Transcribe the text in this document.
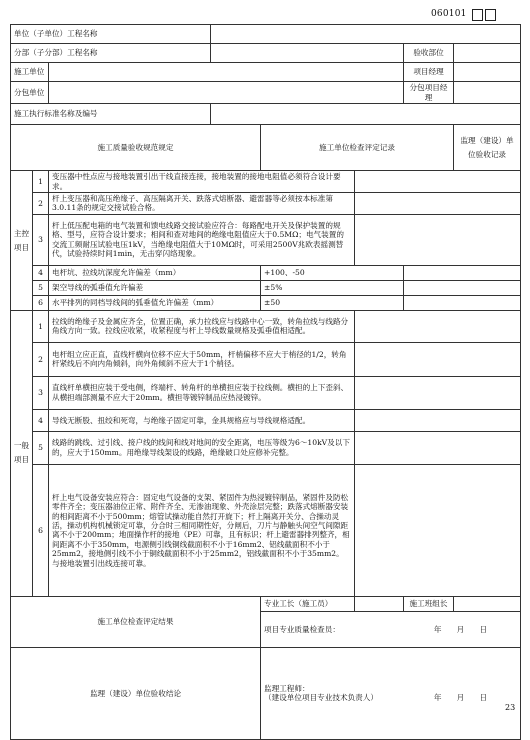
060101
单位（子单位）工程名称								
分部（子分部）工程名称						验收部位		
施工单位						项目经理		
分包单位						分包项目经理		
施工执行标准名称及编号								
施工质量验收规范规定				施工单位检查评定记录			监理（建设）单位验收记录	
主控项目	1	变压器中性点应与接地装置引出干线直接连接，接地装置的接地电阻值必须符合设计要求。						
	2	杆上变压器和高压绝缘子、高压隔离开关、跌落式熔断器、避雷器等必须按本标准第3.0.11条的规定交接试验合格。						
	3	杆上低压配电箱的电气装置和馈电线路交接试验应符合：每路配电开关及保护装置的规格、型号，应符合设计要求；相间和查对地间的绝缘电阻值应大于0.5MΩ；电气装置的交流工频耐压试验电压1kV，当绝缘电阻值大于10MΩ时，可采用2500V兆欧表摇测替代，试验持续时间1min，无击穿闪络现象。						
	4	电杆坑、拉线坑深度允许偏差（mm）		+100、-50				
	5	架空导线的弧垂值允许偏差		±5%				
	6	水平排列的同档导线间的弧垂值允许偏差（mm）		±50				
一般项目	1	拉线的绝缘子及金属应齐全，位置正确，承力拉线应与线路中心一致，转角拉线与线路分角线方向一致。拉线应收紧，收紧程度与杆上导线数量规格及弧垂值相适配。						
	2	电杆组立应正直，直线杆横向位移不应大于50mm，杆梢偏移不应大于梢径的1/2，转角杆紧线后不向内角倾斜，向外角倾斜不应大于1个梢径。						
	3	直线杆单横担应装于受电侧，终端杆、转角杆的单横担应装于拉线侧。横担的上下歪斜、从横担端部测量不应大于20mm。横担等镀锌制品应热浸镀锌。						
	4	导线无断股、扭绞和死弯，与绝缘子固定可靠，金具规格应与导线规格适配。						
	5	线路的跳线、过引线、接户线的线间和线对地间的安全距离，电压等级为6～10kV及以下的，应大于150mm。用绝缘导线架设的线路，绝缘破口处应修补完整。						
	6	杆上电气设备安装应符合：固定电气设备的支架、紧固件为热浸镀锌制品，紧固件及防松零件齐全；变压器油位正常、附件齐全、无渗油现象、外壳涂层完整；跌落式熔断器安装的相间距离不小于500mm；熔管试操动能自然打开旋下；杆上隔离开关分、合操动灵活，操动机构机械锁定可靠，分合时三相同期性好，分闸后，刀片与静触头间空气间隙距离不小于200mm；地面操作杆的接地（PE）可靠，且有标识；杆上避雷器排列整齐，相间距离不小于350mm，电源侧引线铜线截面积不小于16mm2、铝线截面积不小于25mm2，接地侧引线不小于铜线截面积不小于25mm2，铝线截面积不小于35mm2。与接地装置引出线连接可靠。						
施工单位检查评定结果				专业工长（施工员）		施工班组长		
				项目专业质量检查员： 年　　月　　日				

监理（建设）单位验收结论				监理工程师：
（建设单位项目专业技术负责人） 年　　月　　日				
23
